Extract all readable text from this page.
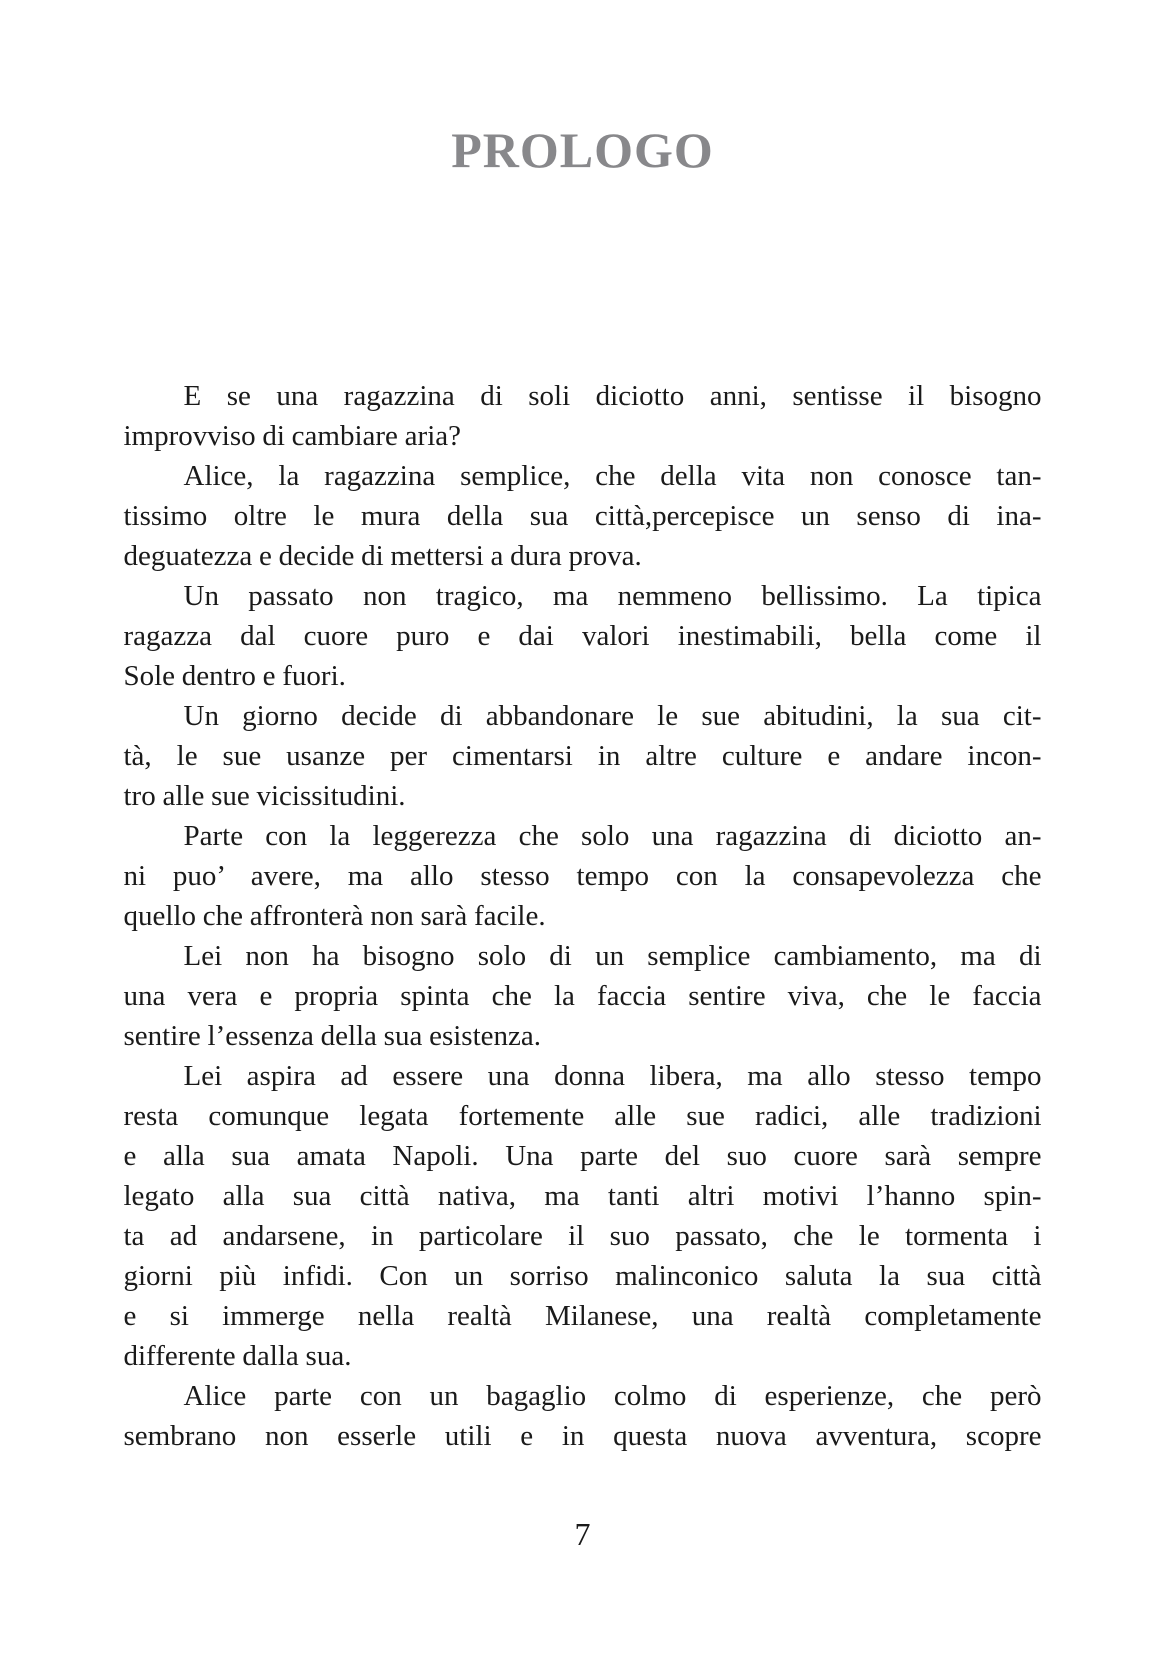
PROLOGO
E se una ragazzina di soli diciotto anni, sentisse il bisogno
improvviso di cambiare aria?
Alice, la ragazzina semplice, che della vita non conosce tan-
tissimo oltre le mura della sua città,percepisce un senso di ina-
deguatezza e decide di mettersi a dura prova.
Un passato non tragico, ma nemmeno bellissimo. La tipica
ragazza dal cuore puro e dai valori inestimabili, bella come il
Sole dentro e fuori.
Un giorno decide di abbandonare le sue abitudini, la sua cit-
tà, le sue usanze per cimentarsi in altre culture e andare incon-
tro alle sue vicissitudini.
Parte con la leggerezza che solo una ragazzina di diciotto an-
ni puo’ avere, ma allo stesso tempo con la consapevolezza che
quello che affronterà non sarà facile.
Lei non ha bisogno solo di un semplice cambiamento, ma di
una vera e propria spinta che la faccia sentire viva, che le faccia
sentire l’essenza della sua esistenza.
Lei aspira ad essere una donna libera, ma allo stesso tempo
resta comunque legata fortemente alle sue radici, alle tradizioni
e alla sua amata Napoli. Una parte del suo cuore sarà sempre
legato alla sua città nativa, ma tanti altri motivi l’hanno spin-
ta ad andarsene, in particolare il suo passato, che le tormenta i
giorni più infidi. Con un sorriso malinconico saluta la sua città
e si immerge nella realtà Milanese, una realtà completamente
differente dalla sua.
Alice parte con un bagaglio colmo di esperienze, che però
sembrano non esserle utili e in questa nuova avventura, scopre
7
